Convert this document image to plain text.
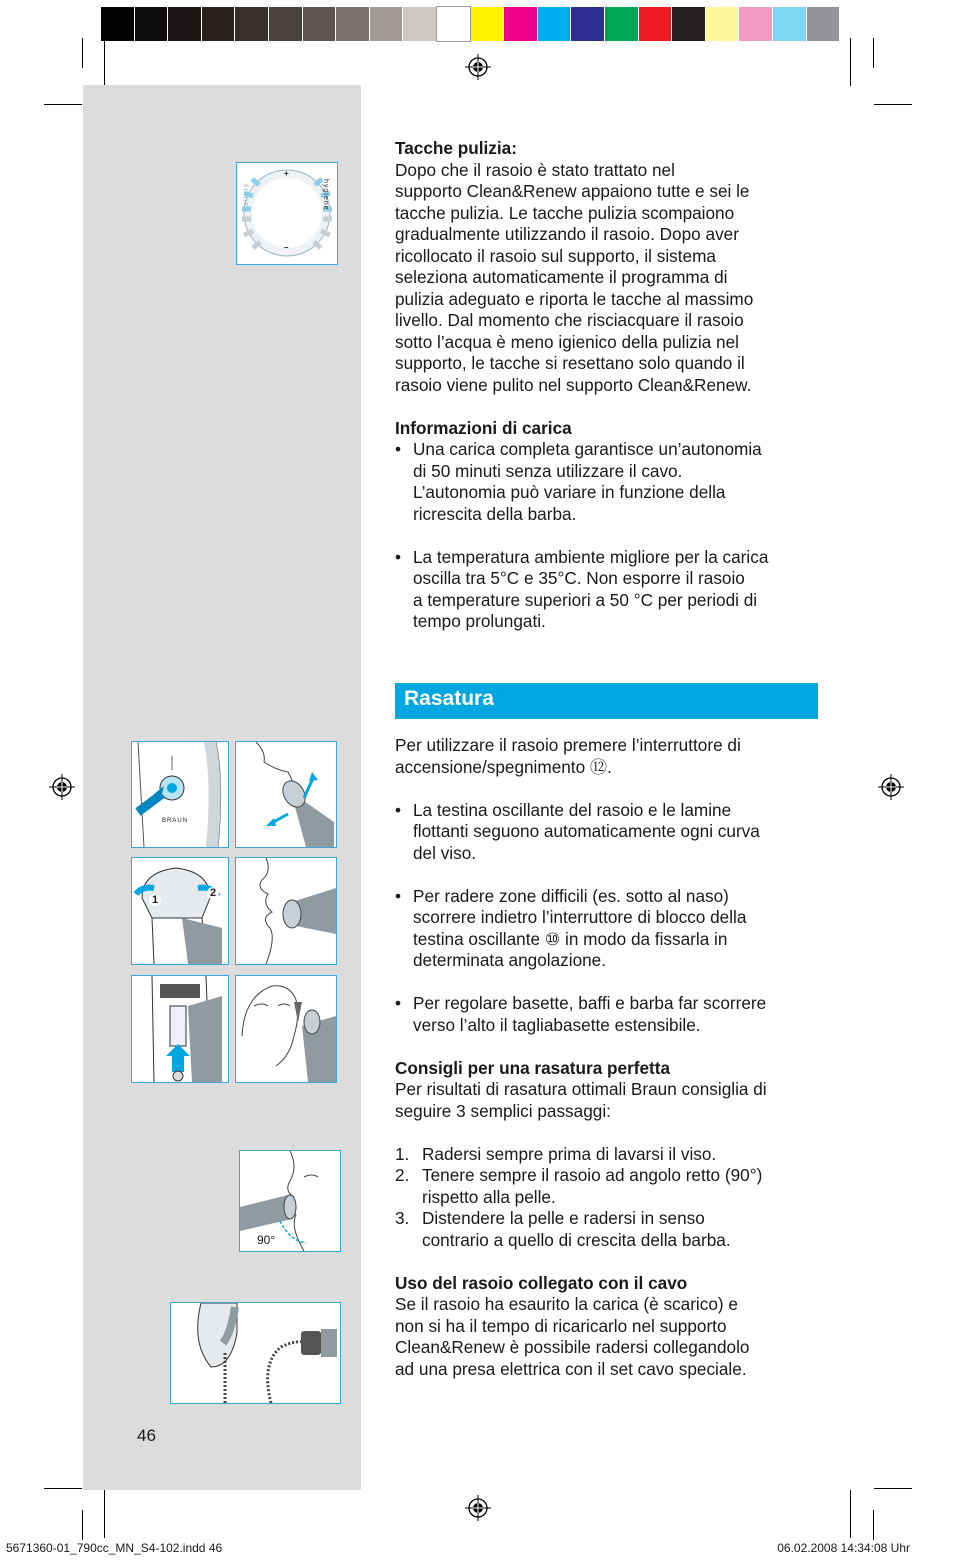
+
–
battery	hygiene
BRAUN
1
2
90°
Tacche pulizia:
Dopo che il rasoio è stato trattato nel
supporto Clean&Renew appaiono tutte e sei le
tacche pulizia. Le tacche pulizia scompaiono
gradualmente utilizzando il rasoio. Dopo aver
ricollocato il rasoio sul supporto, il sistema
seleziona automaticamente il programma di
pulizia adeguato e riporta le tacche al massimo
livello. Dal momento che risciacquare il rasoio
sotto l’acqua è meno igienico della pulizia nel
supporto, le tacche si resettano solo quando il
rasoio viene pulito nel supporto Clean&Renew.
Informazioni di carica
• Una carica completa garantisce un’autonomia
di 50 minuti senza utilizzare il cavo.
L’autonomia può variare in funzione della
ricrescita della barba.
• La temperatura ambiente migliore per la carica
oscilla tra 5°C e 35°C. Non esporre il rasoio
a temperature superiori a 50 °C per periodi di
tempo prolungati.
Rasatura
Per utilizzare il rasoio premere l’interruttore di
accensione/spegnimento ⑫.
• La testina oscillante del rasoio e le lamine
flottanti seguono automaticamente ogni curva
del viso.
• Per radere zone difficili (es. sotto al naso)
scorrere indietro l’interruttore di blocco della
testina oscillante ⑩ in modo da fissarla in
determinata angolazione.
• Per regolare basette, baffi e barba far scorrere
verso l’alto il tagliabasette estensibile.
Consigli per una rasatura perfetta
Per risultati di rasatura ottimali Braun consiglia di
seguire 3 semplici passaggi:
1. Radersi sempre prima di lavarsi il viso.
2. Tenere sempre il rasoio ad angolo retto (90°)
rispetto alla pelle.
3. Distendere la pelle e radersi in senso
contrario a quello di crescita della barba.
Uso del rasoio collegato con il cavo
Se il rasoio ha esaurito la carica (è scarico) e
non si ha il tempo di ricaricarlo nel supporto
Clean&Renew è possibile radersi collegandolo
ad una presa elettrica con il set cavo speciale.
46
5671360-01_790cc_MN_S4-102.indd 46	06.02.2008 14:34:08 Uhr
